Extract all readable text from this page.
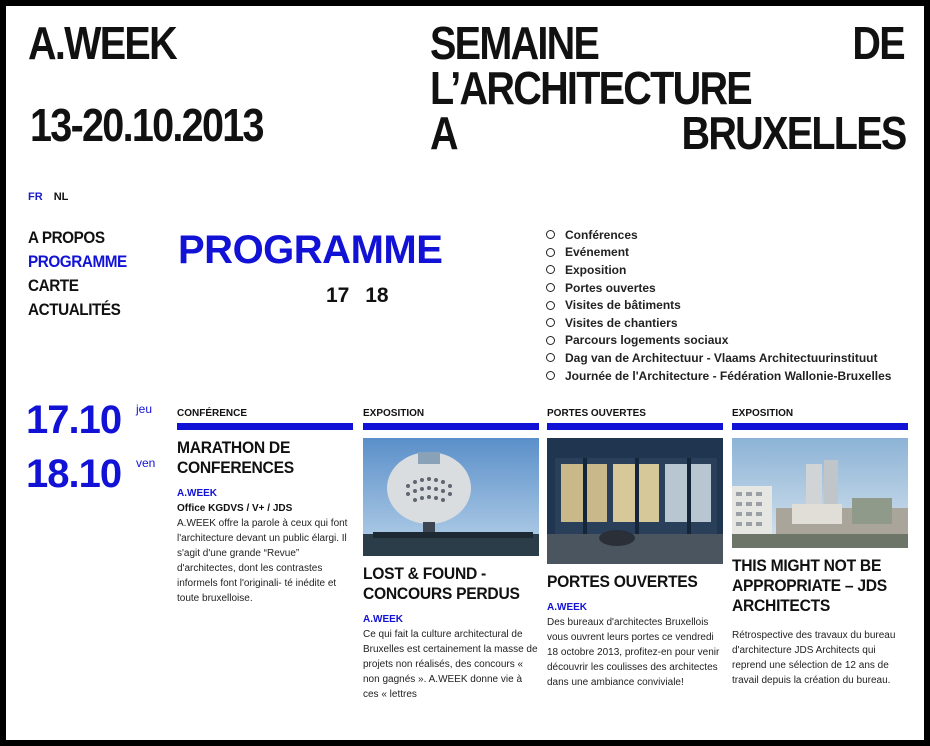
A.WEEK
13-20.10.2013
SEMAINE	DE
L’ARCHITECTURE
A	BRUXELLES
FR NL
A PROPOS
PROGRAMME
CARTE
ACTUALITÉS
PROGRAMME
17 18
Conférences
Evénement
Exposition
Portes ouvertes
Visites de bâtiments
Visites de chantiers
Parcours logements sociaux
Dag van de Architectuur - Vlaams Architectuurinstituut
Journée de l'Architecture - Fédération Wallonie-Bruxelles
17.10 jeu
18.10 ven
CONFÉRENCE
MARATHON DE CONFERENCES
A.WEEK
Office KGDVS / V+ / JDS
A.WEEK offre la parole à ceux qui font l'architecture devant un public élargi. Il s'agit d'une grande “Revue” d'architectes, dont les contrastes informels font l'originali- té inédite et toute bruxelloise.
EXPOSITION
LOST & FOUND - CONCOURS PERDUS
A.WEEK
Ce qui fait la culture architectural de Bruxelles est certainement la masse de projets non réalisés, des concours « non gagnés ». A.WEEK donne vie à ces « lettres
PORTES OUVERTES
PORTES OUVERTES
A.WEEK
Des bureaux d'architectes Bruxellois vous ouvrent leurs portes ce vendredi 18 octobre 2013, profitez-en pour venir découvrir les coulisses des architectes dans une ambiance conviviale!
EXPOSITION
THIS MIGHT NOT BE APPROPRIATE – JDS ARCHITECTS
Rétrospective des travaux du bureau d'architecture JDS Architects qui reprend une sélection de 12 ans de travail depuis la création du bureau.
